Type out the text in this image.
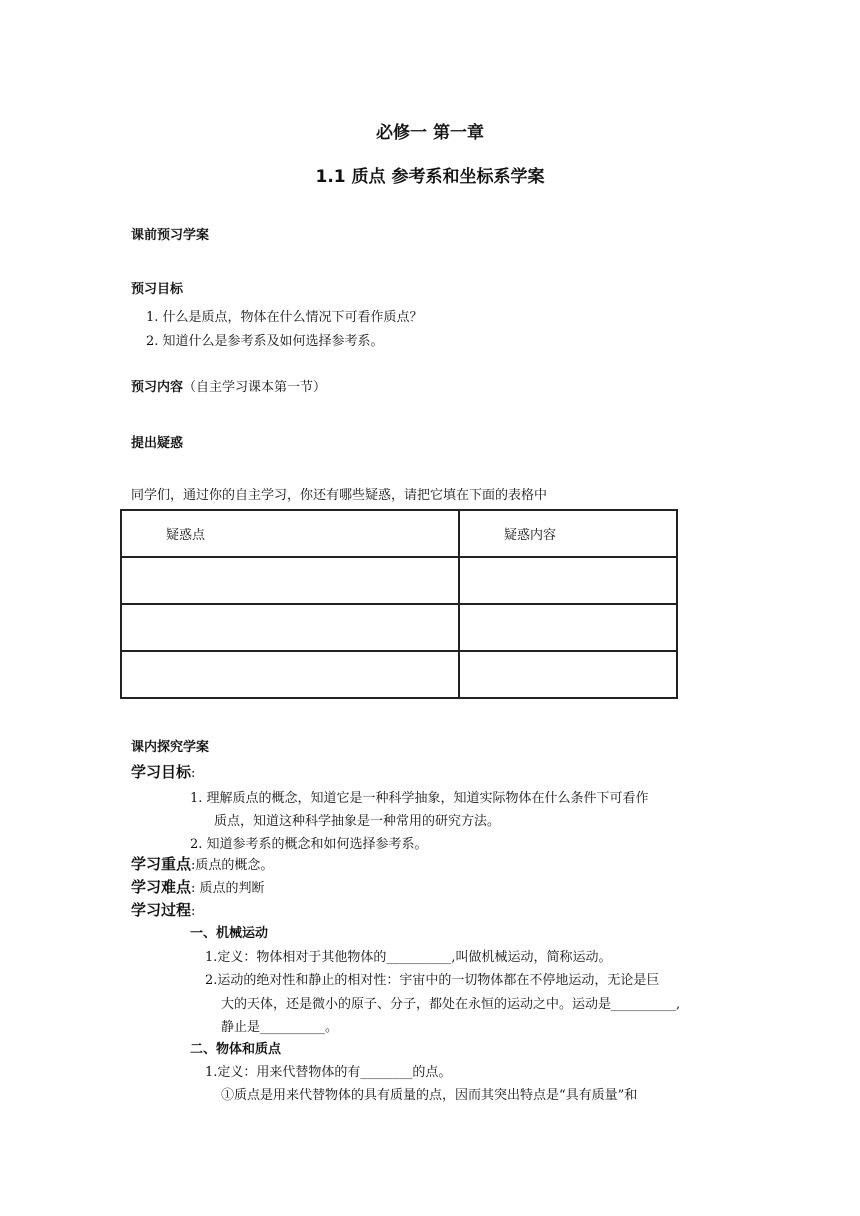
必修一 第一章
1.1 质点 参考系和坐标系学案
课前预习学案
预习目标
1. 什么是质点，物体在什么情况下可看作质点？
2. 知道什么是参考系及如何选择参考系。
预习内容（自主学习课本第一节）
提出疑惑
同学们，通过你的自主学习，你还有哪些疑惑，请把它填在下面的表格中
疑惑点	疑惑内容

课内探究学案
学习目标:
1. 理解质点的概念，知道它是一种科学抽象，知道实际物体在什么条件下可看作
质点，知道这种科学抽象是一种常用的研究方法。
2. 知道参考系的概念和如何选择参考系。
学习重点:质点的概念。
学习难点: 质点的判断
学习过程:
一、机械运动
1.定义：物体相对于其他物体的__________,叫做机械运动，简称运动。
2.运动的绝对性和静止的相对性：宇宙中的一切物体都在不停地运动，无论是巨
大的天体，还是微小的原子、分子，都处在永恒的运动之中。运动是__________,
静止是__________。
二、物体和质点
1.定义：用来代替物体的有________的点。
①质点是用来代替物体的具有质量的点，因而其突出特点是“具有质量”和
